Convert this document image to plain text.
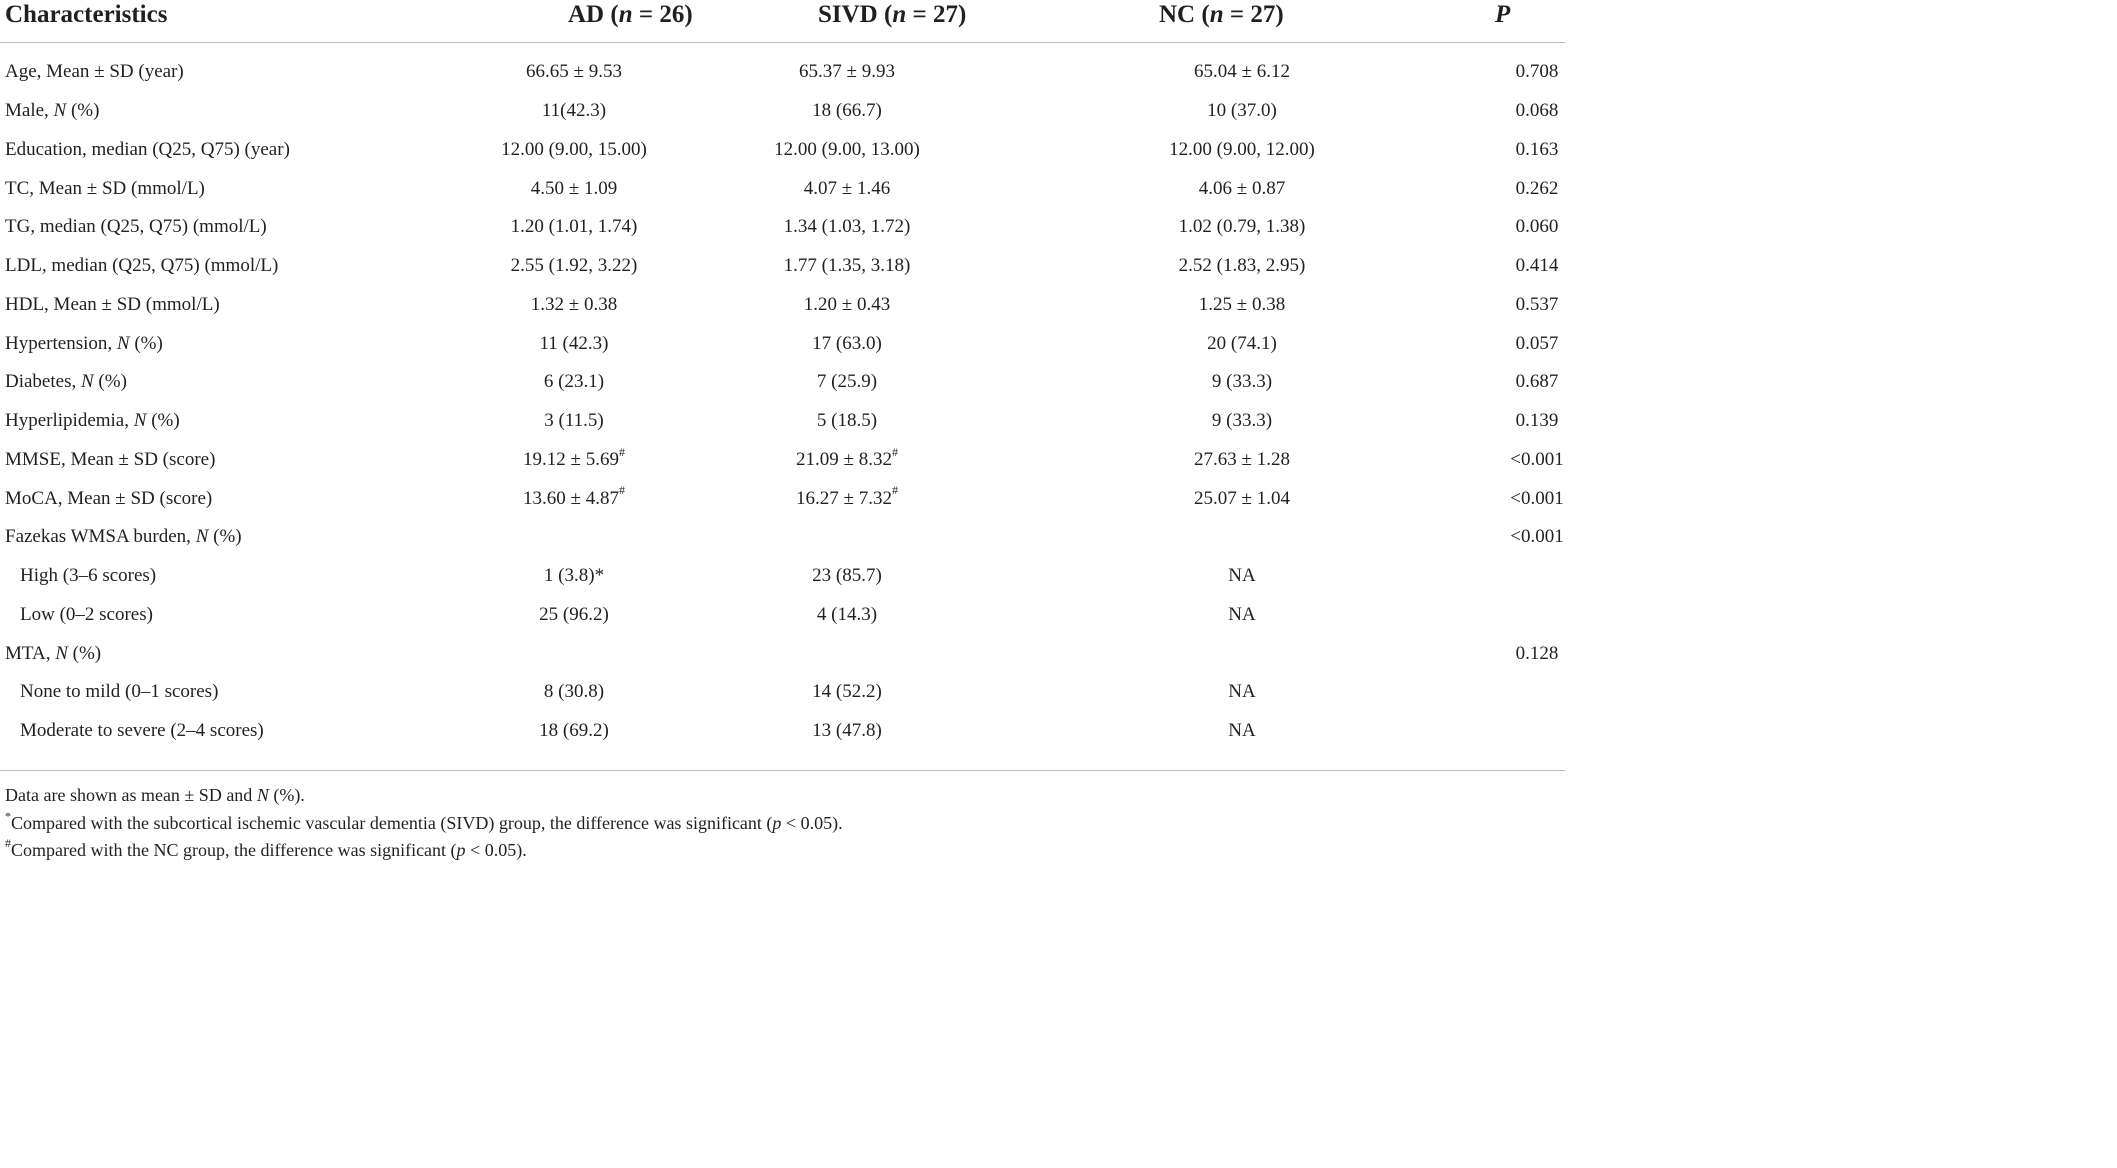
Characteristics	AD (n = 26)	SIVD (n = 27)	NC (n = 27)	P
Age, Mean ± SD (year)	66.65 ± 9.53	65.37 ± 9.93	65.04 ± 6.12	0.708
Male, N (%)	11(42.3)	18 (66.7)	10 (37.0)	0.068
Education, median (Q25, Q75) (year)	12.00 (9.00, 15.00)	12.00 (9.00, 13.00)	12.00 (9.00, 12.00)	0.163
TC, Mean ± SD (mmol/L)	4.50 ± 1.09	4.07 ± 1.46	4.06 ± 0.87	0.262
TG, median (Q25, Q75) (mmol/L)	1.20 (1.01, 1.74)	1.34 (1.03, 1.72)	1.02 (0.79, 1.38)	0.060
LDL, median (Q25, Q75) (mmol/L)	2.55 (1.92, 3.22)	1.77 (1.35, 3.18)	2.52 (1.83, 2.95)	0.414
HDL, Mean ± SD (mmol/L)	1.32 ± 0.38	1.20 ± 0.43	1.25 ± 0.38	0.537
Hypertension, N (%)	11 (42.3)	17 (63.0)	20 (74.1)	0.057
Diabetes, N (%)	6 (23.1)	7 (25.9)	9 (33.3)	0.687
Hyperlipidemia, N (%)	3 (11.5)	5 (18.5)	9 (33.3)	0.139
MMSE, Mean ± SD (score)	19.12 ± 5.69#	21.09 ± 8.32#	27.63 ± 1.28	<0.001
MoCA, Mean ± SD (score)	13.60 ± 4.87#	16.27 ± 7.32#	25.07 ± 1.04	<0.001
Fazekas WMSA burden, N (%)				<0.001
High (3–6 scores)	1 (3.8)*	23 (85.7)	NA	
Low (0–2 scores)	25 (96.2)	4 (14.3)	NA	
MTA, N (%)				0.128
None to mild (0–1 scores)	8 (30.8)	14 (52.2)	NA	
Moderate to severe (2–4 scores)	18 (69.2)	13 (47.8)	NA	

Data are shown as mean ± SD and N (%).

*Compared with the subcortical ischemic vascular dementia (SIVD) group, the difference was significant (p < 0.05).

#Compared with the NC group, the difference was significant (p < 0.05).
